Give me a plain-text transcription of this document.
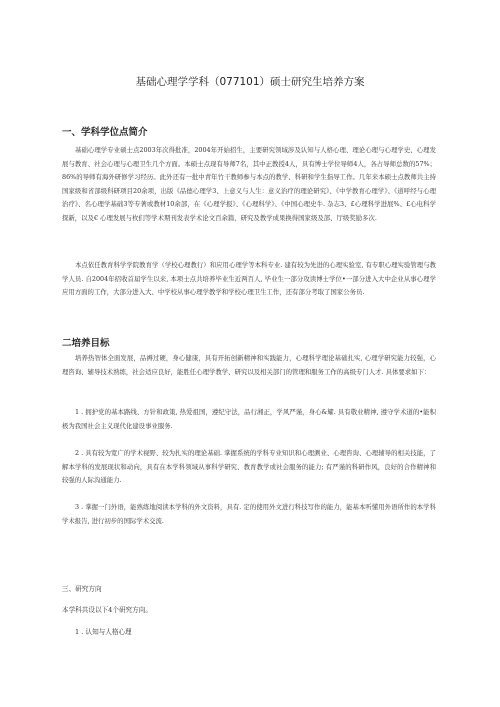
基础心理学学科（077101）硕士研究生培养方案
一、学科学位点简介

基础心理学专业硕士点2003年次得批准，2004年开始招生，主要研究领域涉及认知与人格心理、理论心理与心理学史、心理发展与教育、社会心理与心理卫生几个方面。本硕士点现有导师7名，其中正教授4人，具有博士学位导师4人，各占导师总数的57%；86%的导师有海外研修学习经历。此外还有一批中青年竹干教师参与本点的教学、科研和学生指导工作。几年来本硕士点教师共主持国家级和省部级科研项目20余项，出版《品德心理学3、上意义与人生：意义治疗的理论研究》、《中学教育心理学》、《道呼经与心理治疗》、名心理学基础3等专著或教材10余部，在《心理学报》、《心理科学》、《中国心理史牛. 杂志3、£心理科学进展%、£心电科学探新，以及€ 心理发展与枚们等学术期刊发表学术论文百余篇，研究及教学成果换得国家级及部、厅级奖励多次.

本点依任教育科学学院教育学（学校心理教行）和应用心理学等本科专业. 建有较为先进的心理实验室, 有专职心理实验管理与教学人员. 自2004年招收首届学生以来, 本项士点共培养毕业生近两百人, 毕业生一部分攻读博士学位•一部分进入大中企业从事心理学应用方面的工作，大部分进入大、中学校从事心理学教学和学校心理卫生工作，还有部分考取了国家公务员.

二培养目标

培养热智体全面发展，品褥过硬，身心健康，具有开拓创新精神和实践能力，心理科学理论基础扎实, 心理学研究能力较强，心理咨询、辅导技术熟练，社会适应良好，能胜任心理学教学、研究以及相关部门的管理和服务工作的高级专门人才. 具体要求如下：

1 . 拥护党的基本路线、方针和政策, 热爱祖国，遵纪守法，品行湘正，学风严谨，身心&耀. 具有敬业精神, 遵守学术道的•能积极为我国社会主义现代化建设事业服务.

2 . 具有较为宽广的学术视野、较为扎实的理论基础. 掌握系统的学科专业知识和心理测业、心理咨询、心理辅导的相关技能，了解本学科的发展现状和动向，具有在本学科领域从事科学研究、教育教学或社会服务的能力; 有严谨的科研作风，良好的合作精神和较强的人际沟通能力.

3 . 掌握一门外语，能熟练地阅读本学科的外文资料，具有. 定的使用外文进行科技写作的能力，能基本听懂用外语所作的本学科学术报告, 进行初步的国际学术交流.

三、研究方向
本学科共设以下4个研究方向。
1 . 认知与人格心理
